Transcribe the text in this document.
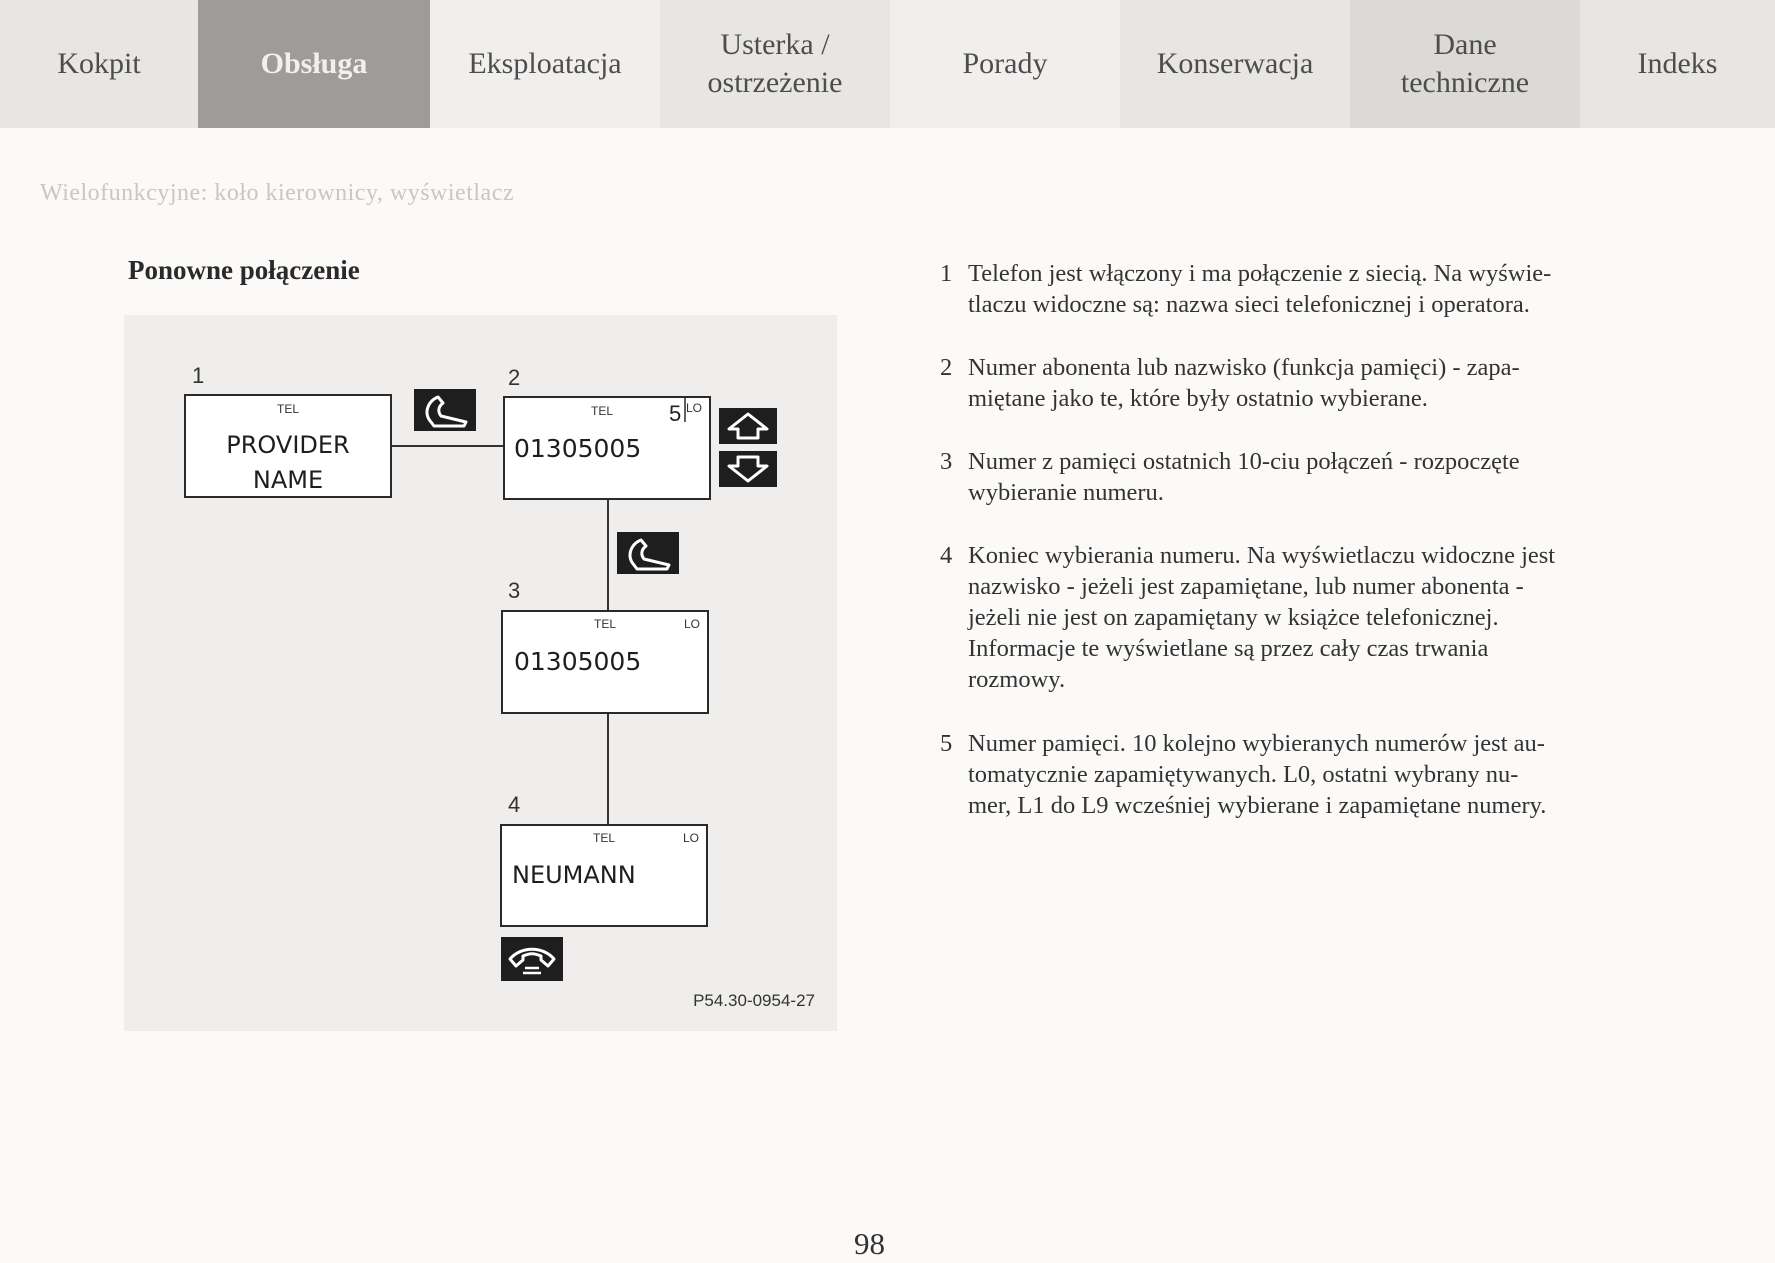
Kokpit	Obsługa	Eksploatacja
Usterka /
ostrzeżenie
Porady	Konserwacja
Dane
techniczne
Indeks
Wielofunkcyjne: koło kierownicy, wyświetlacz
Ponowne połączenie
1	2
3
4
TEL
PROVIDER
NAME
TEL	5 LO
01305005
TEL	LO
01305005
TEL	LO
NEUMANN
P54.30-0954-27
1 Telefon jest włączony i ma połączenie z siecią. Na wyświe-
tlaczu widoczne są: nazwa sieci telefonicznej i operatora.
2 Numer abonenta lub nazwisko (funkcja pamięci) - zapa-
miętane jako te, które były ostatnio wybierane.
3 Numer z pamięci ostatnich 10-ciu połączeń - rozpoczęte
wybieranie numeru.
4 Koniec wybierania numeru. Na wyświetlaczu widoczne jest
nazwisko - jeżeli jest zapamiętane, lub numer abonenta -
jeżeli nie jest on zapamiętany w książce telefonicznej.
Informacje te wyświetlane są przez cały czas trwania
rozmowy.
5 Numer pamięci. 10 kolejno wybieranych numerów jest au-
tomatycznie zapamiętywanych. L0, ostatni wybrany nu-
mer, L1 do L9 wcześniej wybierane i zapamiętane numery.
98
